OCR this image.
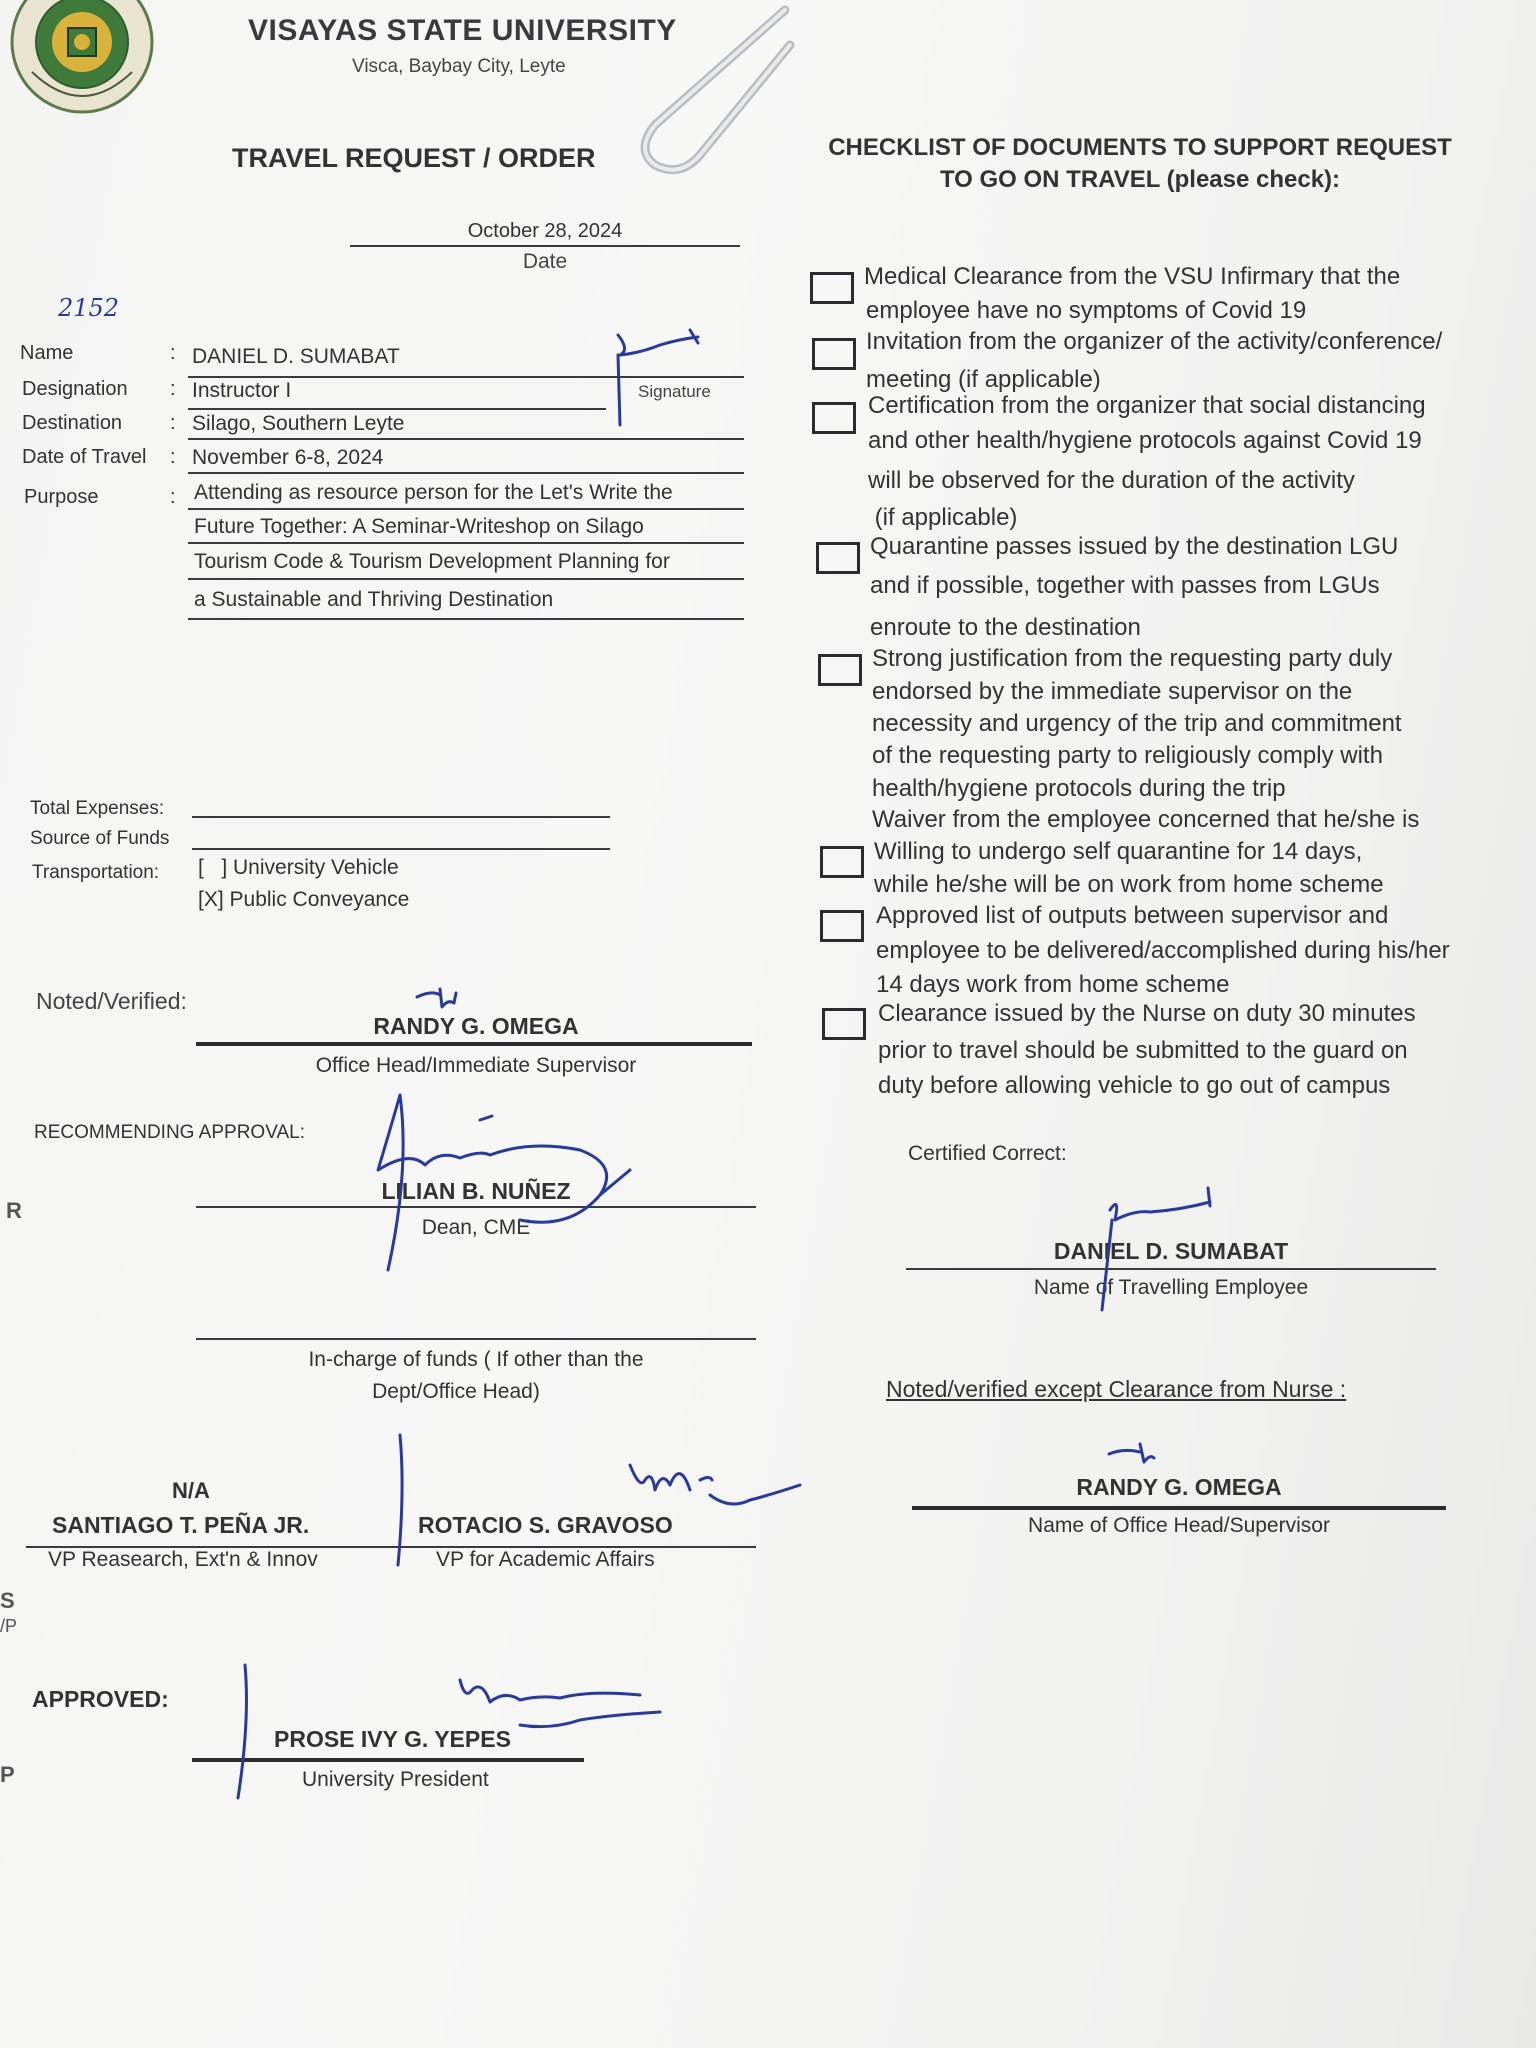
VISAYAS STATE UNIVERSITY
Visca, Baybay City, Leyte
TRAVEL REQUEST / ORDER
October 28, 2024
Date
2152
Name	: DANIEL D. SUMABAT
Designation : Instructor I	Signature
Destination : Silago, Southern Leyte
Date of Travel : November 6-8, 2024
Purpose	: Attending as resource person for the Let's Write the
Future Together: A Seminar-Writeshop on Silago
Tourism Code & Tourism Development Planning for
a Sustainable and Thriving Destination
Total Expenses:
Source of Funds
Transportation: [   ] University Vehicle
[X] Public Conveyance
Noted/Verified:
RANDY G. OMEGA
Office Head/Immediate Supervisor
RECOMMENDING APPROVAL:
LILIAN B. NUÑEZ
Dean, CME
In-charge of funds ( If other than the
Dept/Office Head)
N/A
SANTIAGO T. PEÑA JR.	ROTACIO S. GRAVOSO
VP Reasearch, Ext'n & Innov	VP for Academic Affairs
APPROVED:
PROSE IVY G. YEPES
University President
CHECKLIST OF DOCUMENTS TO SUPPORT REQUEST
TO GO ON TRAVEL (please check):
Medical Clearance from the VSU Infirmary that the
employee have no symptoms of Covid 19
Invitation from the organizer of the activity/conference/
meeting (if applicable)
Certification from the organizer that social distancing
and other health/hygiene protocols against Covid 19
will be observed for the duration of the activity
(if applicable)
Quarantine passes issued by the destination LGU
and if possible, together with passes from LGUs
enroute to the destination
Strong justification from the requesting party duly
endorsed by the immediate supervisor on the
necessity and urgency of the trip and commitment
of the requesting party to religiously comply with
health/hygiene protocols during the trip
Waiver from the employee concerned that he/she is
Willing to undergo self quarantine for 14 days,
while he/she will be on work from home scheme
Approved list of outputs between supervisor and
employee to be delivered/accomplished during his/her
14 days work from home scheme
Clearance issued by the Nurse on duty 30 minutes
prior to travel should be submitted to the guard on
duty before allowing vehicle to go out of campus
Certified Correct:
DANIEL D. SUMABAT
Name of Travelling Employee
Noted/verified except Clearance from Nurse :
RANDY G. OMEGA
Name of Office Head/Supervisor
R
S
/P
P
